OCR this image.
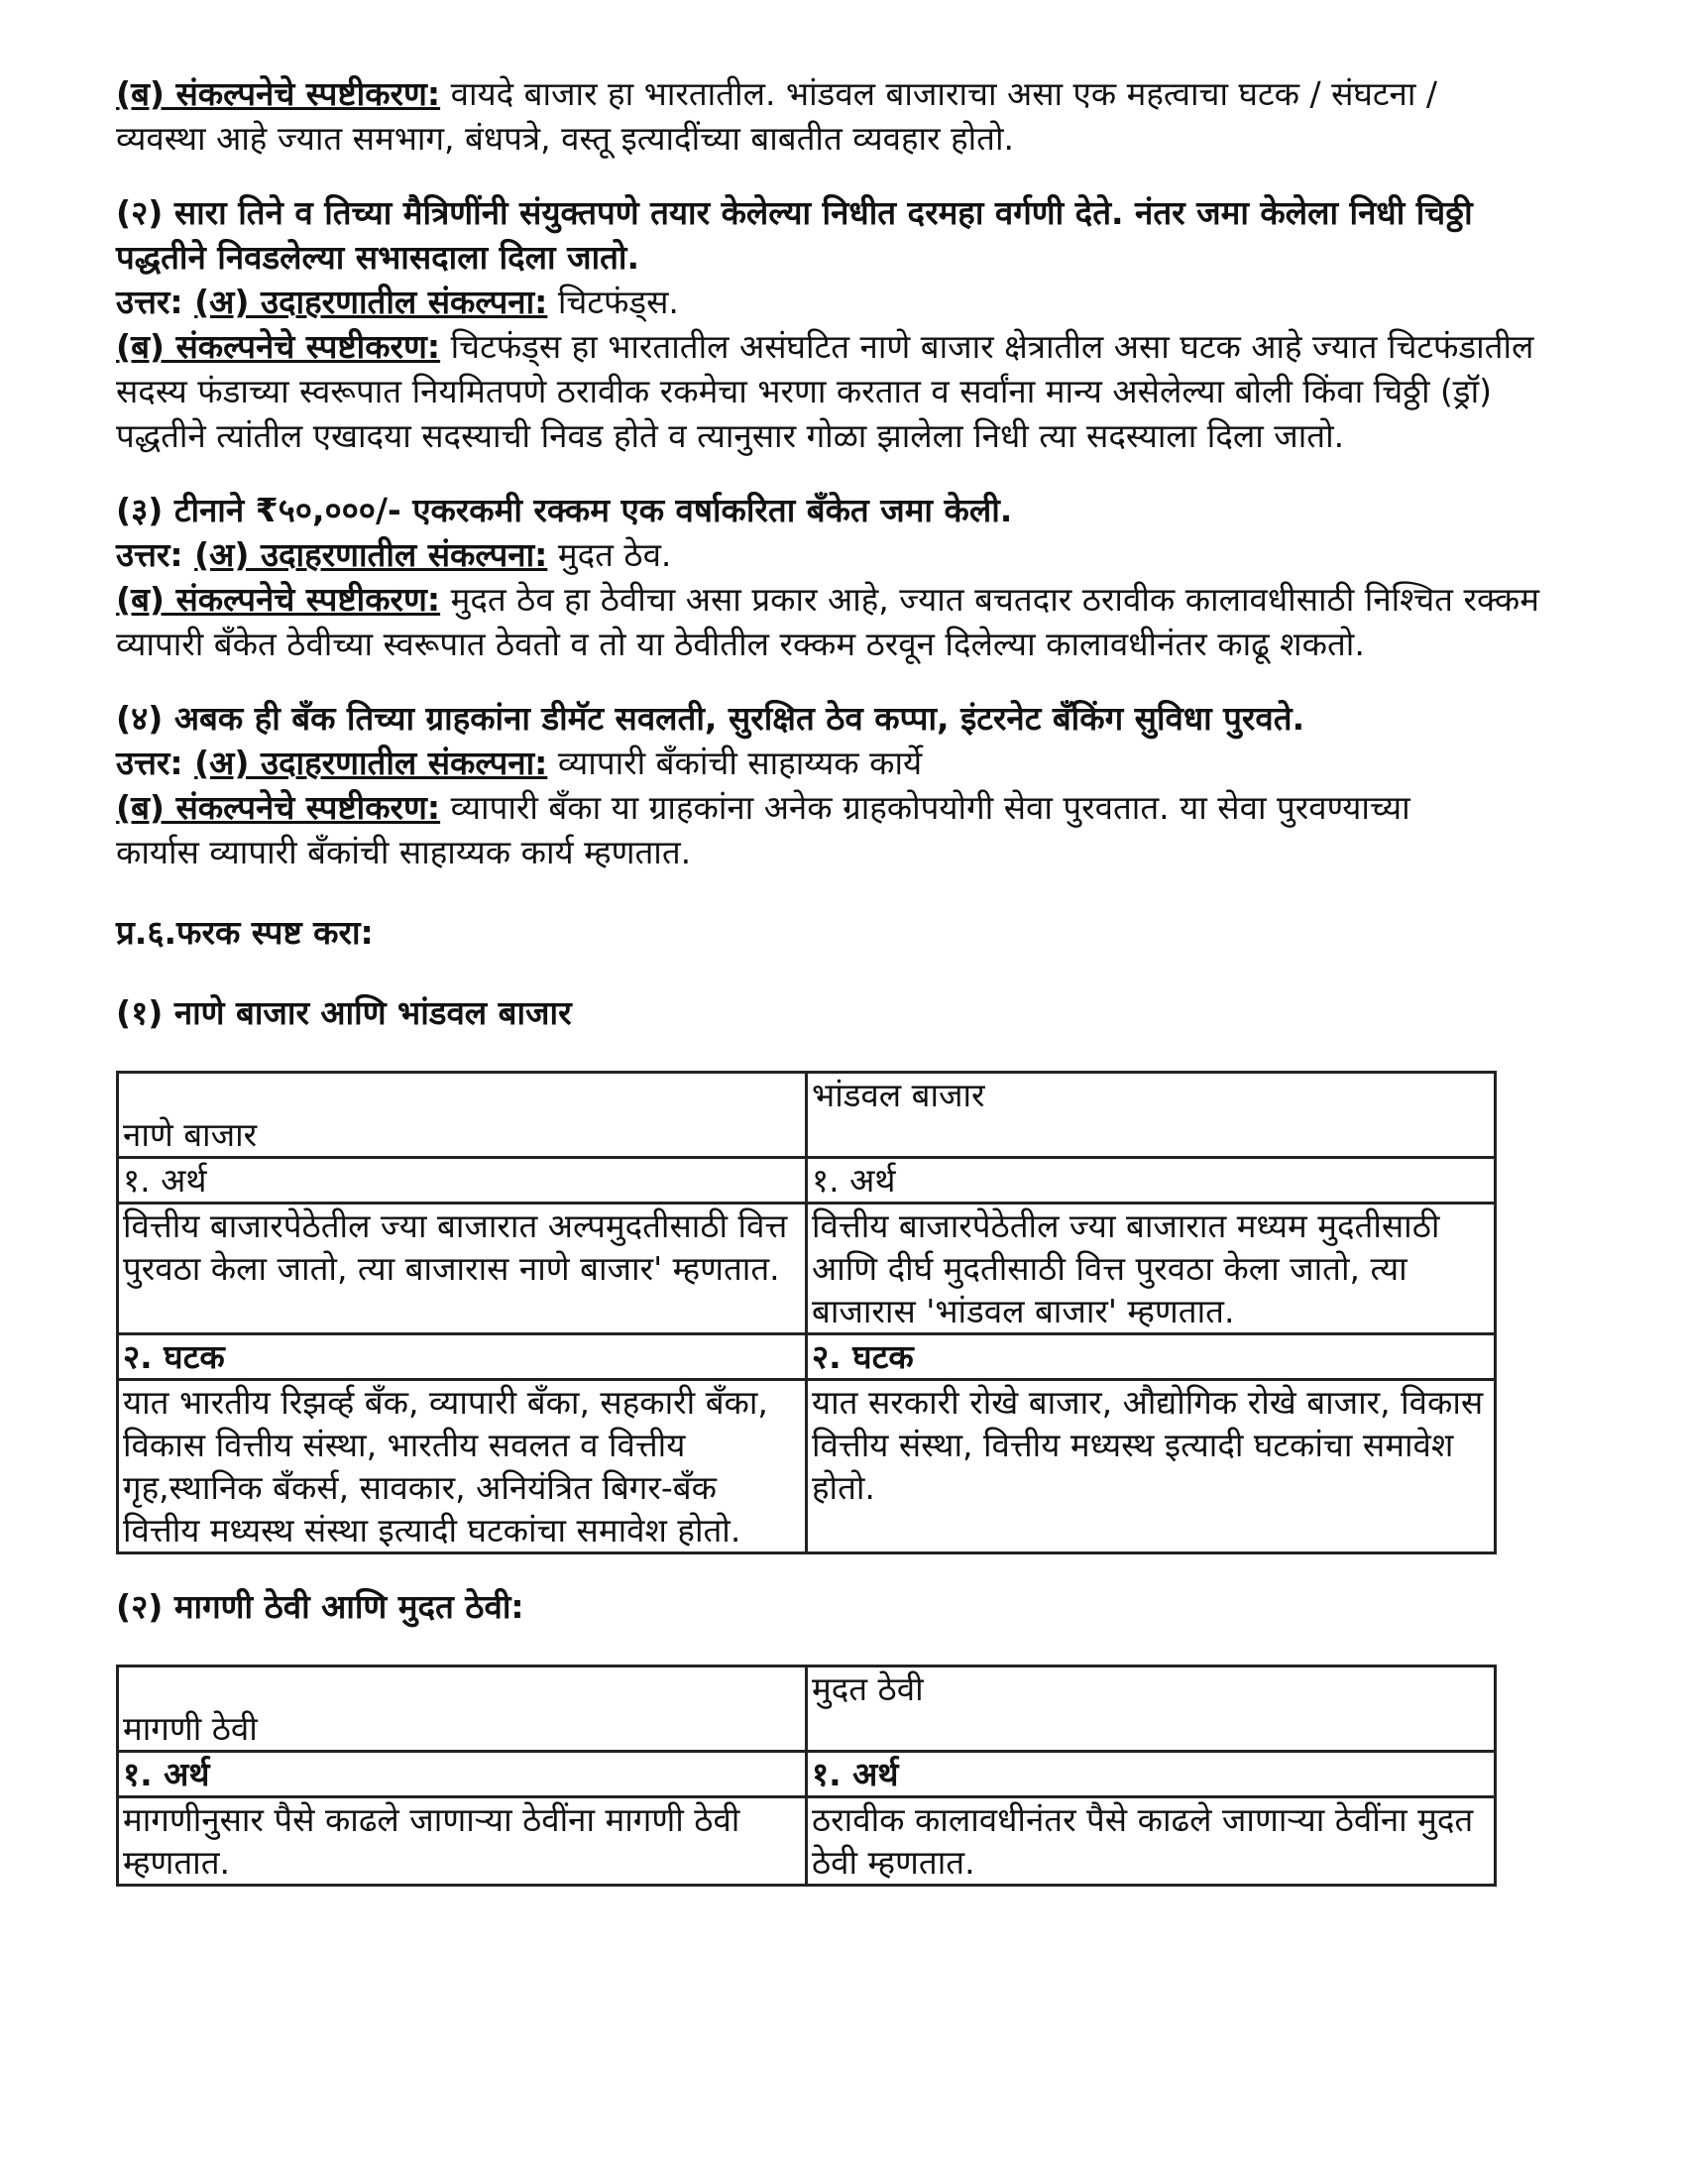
(ब) संकल्पनेचे स्पष्टीकरण: वायदे बाजार हा भारतातील. भांडवल बाजाराचा असा एक महत्वाचा घटक / संघटना /व्यवस्था आहे ज्यात समभाग, बंधपत्रे, वस्तू इत्यादींच्या बाबतीत व्यवहार होतो.

(२) सारा तिने व तिच्या मैत्रिणींनी संयुक्तपणे तयार केलेल्या निधीत दरमहा वर्गणी देते. नंतर जमा केलेला निधी चिठ्ठी पद्धतीने निवडलेल्या सभासदाला दिला जातो.

उत्तर: (अ) उदाहरणातील संकल्पना: चिटफंड्स.

(ब) संकल्पनेचे स्पष्टीकरण: चिटफंड्स हा भारतातील असंघटित नाणे बाजार क्षेत्रातील असा घटक आहे ज्यात चिटफंडातील सदस्य फंडाच्या स्वरूपात नियमितपणे ठरावीक रकमेचा भरणा करतात व सर्वांना मान्य असेलेल्या बोली किंवा चिठ्ठी (ड्रॉ) पद्धतीने त्यांतील एखादया सदस्याची निवड होते व त्यानुसार गोळा झालेला निधी त्या सदस्याला दिला जातो.

(३) टीनाने ₹५०,०००/- एकरकमी रक्कम एक वर्षाकरिता बँकेत जमा केली.

उत्तर: (अ) उदाहरणातील संकल्पना: मुदत ठेव.

(ब) संकल्पनेचे स्पष्टीकरण: मुदत ठेव हा ठेवीचा असा प्रकार आहे, ज्यात बचतदार ठरावीक कालावधीसाठी निश्चित रक्कम व्यापारी बँकेत ठेवीच्या स्वरूपात ठेवतो व तो या ठेवीतील रक्कम ठरवून दिलेल्या कालावधीनंतर काढू शकतो.

(४) अबक ही बँक तिच्या ग्राहकांना डीमॅट सवलती, सुरक्षित ठेव कप्पा, इंटरनेट बँकिंग सुविधा पुरवते.

उत्तर: (अ) उदाहरणातील संकल्पना: व्यापारी बँकांची साहाय्यक कार्ये

(ब) संकल्पनेचे स्पष्टीकरण: व्यापारी बँका या ग्राहकांना अनेक ग्राहकोपयोगी सेवा पुरवतात. या सेवा पुरवण्याच्या कार्यास व्यापारी बँकांची साहाय्यक कार्य म्हणतात.

प्र.६.फरक स्पष्ट करा:

(१) नाणे बाजार आणि भांडवल बाजार

नाणे बाजार	भांडवल बाजार
१. अर्थ	१. अर्थ
वित्तीय बाजारपेठेतील ज्या बाजारात अल्पमुदतीसाठी वित्त पुरवठा केला जातो, त्या बाजारास नाणे बाजार' म्हणतात.	वित्तीय बाजारपेठेतील ज्या बाजारात मध्यम मुदतीसाठी आणि दीर्घ मुदतीसाठी वित्त पुरवठा केला जातो, त्या बाजारास 'भांडवल बाजार' म्हणतात.
२. घटक	२. घटक
यात भारतीय रिझर्व्ह बँक, व्यापारी बँका, सहकारी बँका, विकास वित्तीय संस्था, भारतीय सवलत व वित्तीय गृह,स्थानिक बँकर्स, सावकार, अनियंत्रित बिगर-बँक वित्तीय मध्यस्थ संस्था इत्यादी घटकांचा समावेश होतो.	यात सरकारी रोखे बाजार, औद्योगिक रोखे बाजार, विकास वित्तीय संस्था, वित्तीय मध्यस्थ इत्यादी घटकांचा समावेश होतो.

(२) मागणी ठेवी आणि मुदत ठेवी:

मागणी ठेवी	मुदत ठेवी
१. अर्थ	१. अर्थ
मागणीनुसार पैसे काढले जाणाऱ्या ठेवींना मागणी ठेवी म्हणतात.	ठरावीक कालावधीनंतर पैसे काढले जाणाऱ्या ठेवींना मुदत ठेवी म्हणतात.
